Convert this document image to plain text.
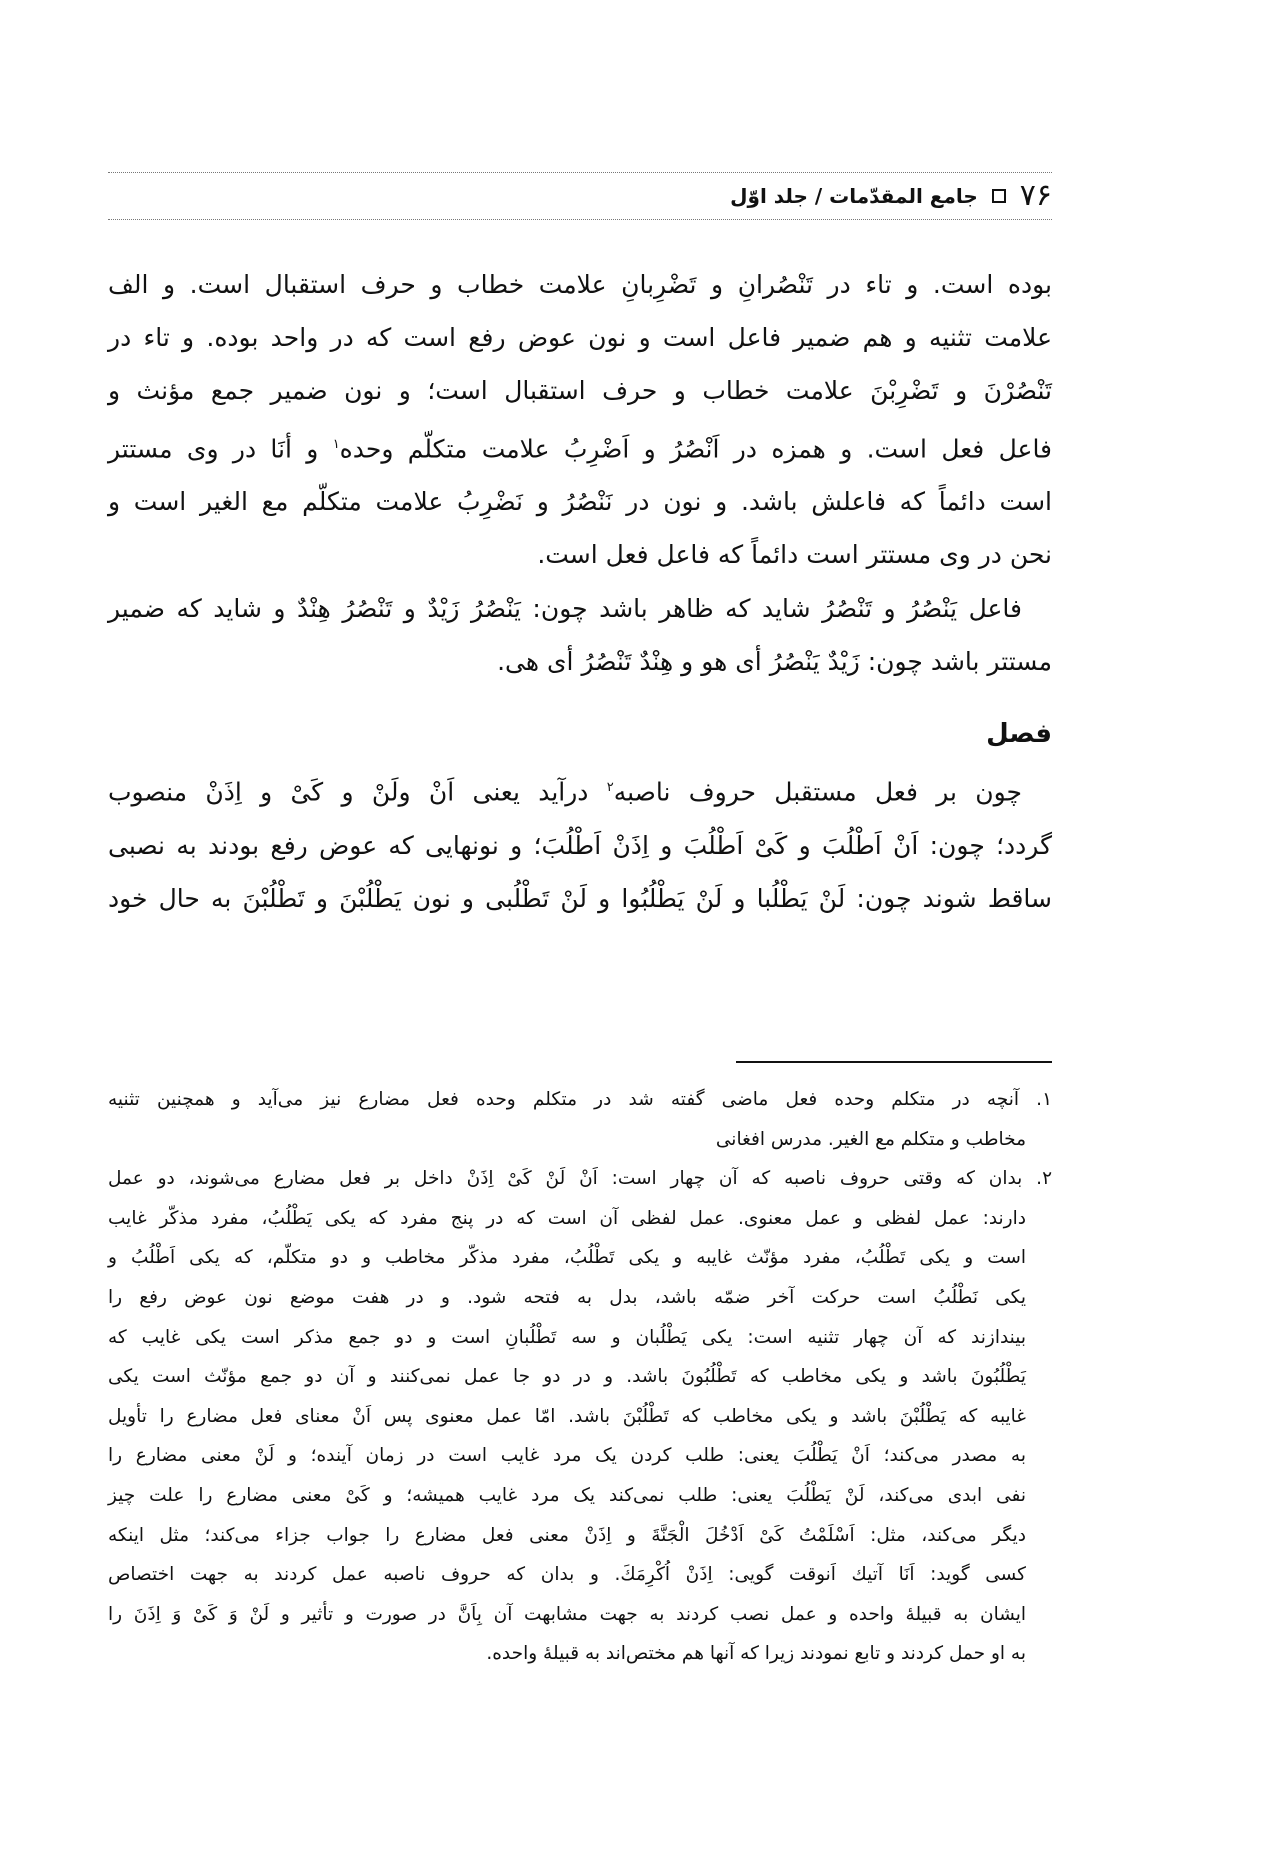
۷۶
جامع المقدّمات / جلد اوّل
بوده است. و تاء در تَنْصُرانِ و تَضْرِبانِ علامت خطاب و حرف استقبال است. و الف
علامت تثنیه و هم ضمیر فاعل است و نون عوض رفع است که در واحد بوده. و تاء در
تَنْصُرْنَ و تَضْرِبْنَ علامت خطاب و حرف استقبال است؛ و نون ضمیر جمع مؤنث و
فاعل فعل است. و همزه در اَنْصُرُ و اَضْرِبُ علامت متکلّم وحده$^۱$ و أنَا در وی مستتر
است دائماً که فاعلش باشد. و نون در نَنْصُرُ و نَضْرِبُ علامت متکلّم مع الغیر است و
نحن در وی مستتر است دائماً که فاعل فعل است.
فاعل یَنْصُرُ و تَنْصُرُ شاید که ظاهر باشد چون: یَنْصُرُ زَیْدٌ و تَنْصُرُ هِنْدٌ و شاید که ضمیر
مستتر باشد چون: زَیْدٌ یَنْصُرُ أی هو و هِنْدٌ تَنْصُرُ أی هی.
فصل
چون بر فعل مستقبل حروف ناصبه$^۲$ درآید یعنی اَنْ ولَنْ و کَیْ و اِذَنْ منصوب
گردد؛ چون: اَنْ اَطْلُبَ و کَیْ اَطْلُبَ و اِذَنْ اَطْلُبَ؛ و نونهایی که عوض رفع بودند به نصبی
ساقط شوند چون: لَنْ یَطْلُبا و لَنْ یَطْلُبُوا و لَنْ تَطْلُبی و نون یَطْلُبْنَ و تَطْلُبْنَ به حال خود
۱. آنچه در متکلم وحده فعل ماضی گفته شد در متکلم وحده فعل مضارع نیز می‌آید و همچنین تثنیه
مخاطب و متکلم مع الغیر. مدرس افغانی
۲. بدان که وقتی حروف ناصبه که آن چهار است: اَنْ لَنْ کَیْ اِذَنْ داخل بر فعل مضارع می‌شوند، دو عمل
دارند: عمل لفظی و عمل معنوی. عمل لفظی آن است که در پنج مفرد که یکی یَطْلُبُ، مفرد مذکّر غایب
است و یکی تَطْلُبُ، مفرد مؤنّث غایبه و یکی تَطْلُبُ، مفرد مذکّر مخاطب و دو متکلّم، که یکی اَطْلُبُ و
یکی نَطْلُبُ است حرکت آخر ضمّه باشد، بدل به فتحه شود. و در هفت موضع نون عوض رفع را
بیندازند که آن چهار تثنیه است: یکی یَطْلُبان و سه تَطْلُبانِ است و دو جمع مذکر است یکی غایب که
یَطْلُبُونَ باشد و یکی مخاطب که تَطْلُبُونَ باشد. و در دو جا عمل نمی‌کنند و آن دو جمع مؤنّث است یکی
غایبه که یَطْلُبْنَ باشد و یکی مخاطب که تَطْلُبْنَ باشد. امّا عمل معنوی پس اَنْ معنای فعل مضارع را تأویل
به مصدر می‌کند؛ اَنْ یَطْلُبَ یعنی: طلب کردن یک مرد غایب است در زمان آینده؛ و لَنْ معنی مضارع را
نفی ابدی می‌کند، لَنْ یَطْلُبَ یعنی: طلب نمی‌کند یک مرد غایب همیشه؛ و کَیْ معنی مضارع را علت چیز
دیگر می‌کند، مثل: اَسْلَمْتُ کَیْ اَدْخُلَ الْجَنَّةَ و اِذَنْ معنی فعل مضارع را جواب جزاء می‌کند؛ مثل اینکه
کسی گوید: اَنَا آتیك اَنوقت گویی: اِذَنْ اُکْرِمَكَ. و بدان که حروف ناصبه عمل کردند به جهت اختصاص
ایشان به قبیلۀ واحده و عمل نصب کردند به جهت مشابهت آن بِاَنَّ در صورت و تأثیر و لَنْ وَ کَیْ وَ اِذَنَ را
به او حمل کردند و تابع نمودند زیرا که آنها هم مختص‌اند به قبیلۀ واحده.
